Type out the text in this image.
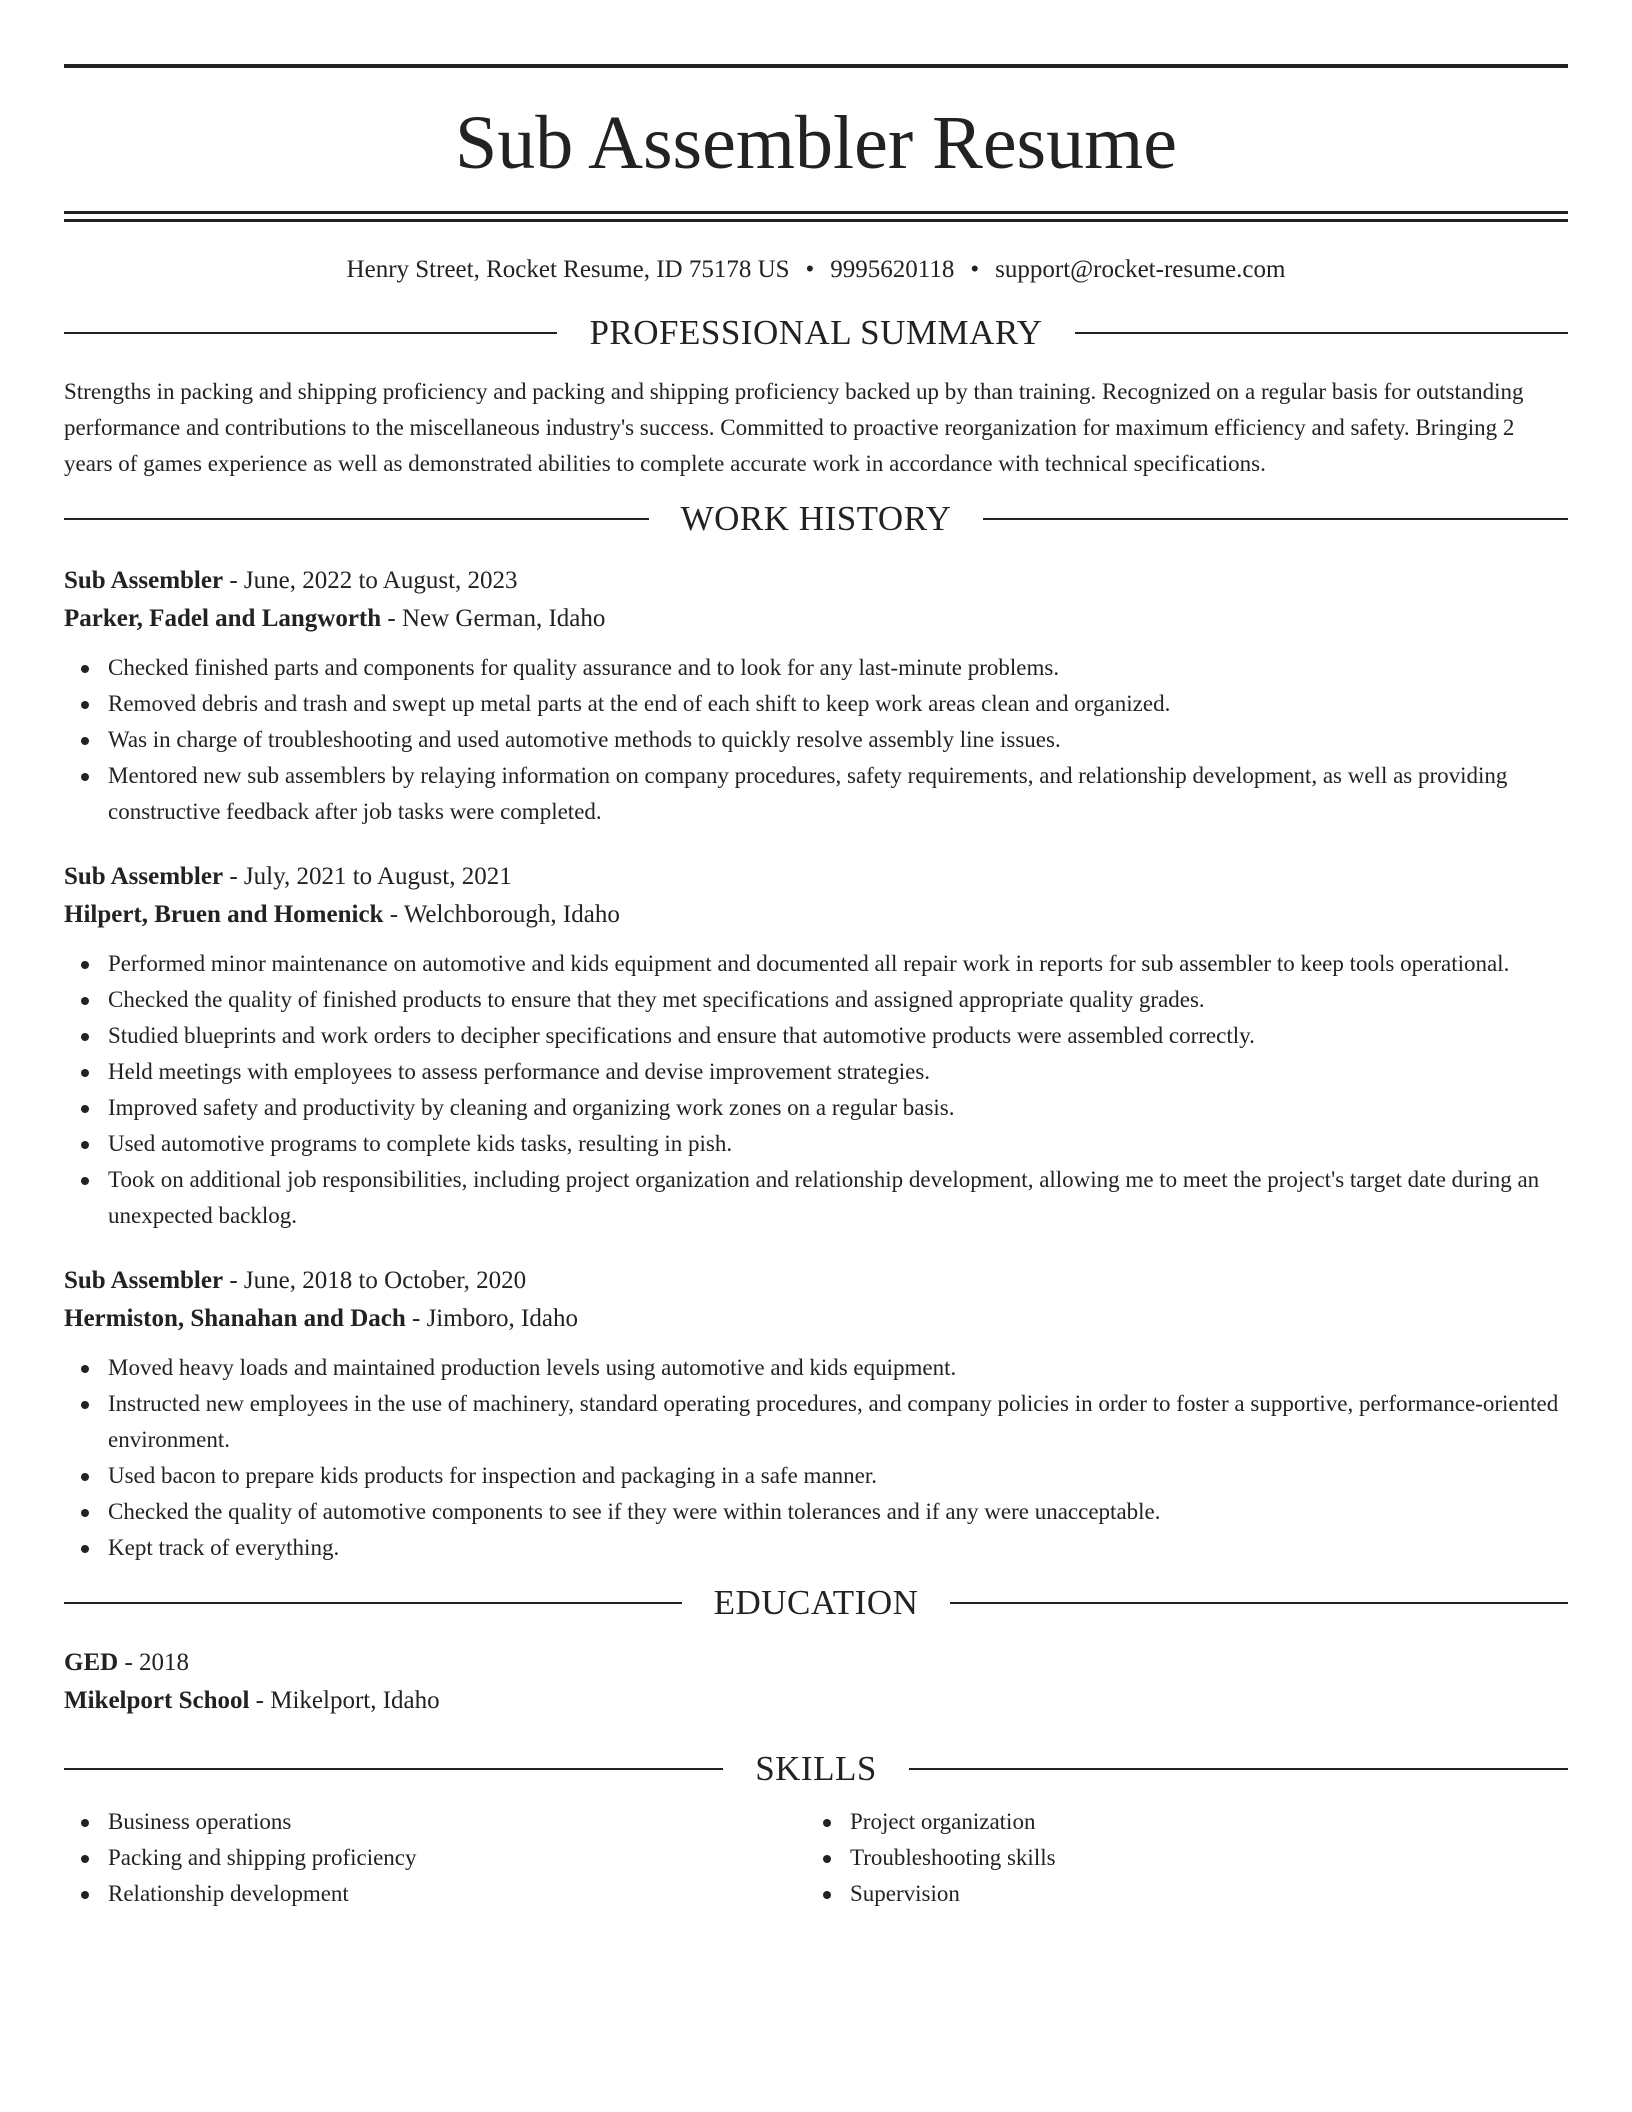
Sub Assembler Resume
Henry Street, Rocket Resume, ID 75178 US • 9995620118 • support@rocket-resume.com
PROFESSIONAL SUMMARY

Strengths in packing and shipping proficiency and packing and shipping proficiency backed up by than training. Recognized on a regular basis for outstanding performance and contributions to the miscellaneous industry's success. Committed to proactive reorganization for maximum efficiency and safety. Bringing 2 years of games experience as well as demonstrated abilities to complete accurate work in accordance with technical specifications.

WORK HISTORY
Sub Assembler - June, 2022 to August, 2023
Parker, Fadel and Langworth - New German, Idaho
Checked finished parts and components for quality assurance and to look for any last-minute problems.
Removed debris and trash and swept up metal parts at the end of each shift to keep work areas clean and organized.
Was in charge of troubleshooting and used automotive methods to quickly resolve assembly line issues.
Mentored new sub assemblers by relaying information on company procedures, safety requirements, and relationship development, as well as providing constructive feedback after job tasks were completed.
Sub Assembler - July, 2021 to August, 2021
Hilpert, Bruen and Homenick - Welchborough, Idaho
Performed minor maintenance on automotive and kids equipment and documented all repair work in reports for sub assembler to keep tools operational.
Checked the quality of finished products to ensure that they met specifications and assigned appropriate quality grades.
Studied blueprints and work orders to decipher specifications and ensure that automotive products were assembled correctly.
Held meetings with employees to assess performance and devise improvement strategies.
Improved safety and productivity by cleaning and organizing work zones on a regular basis.
Used automotive programs to complete kids tasks, resulting in pish.
Took on additional job responsibilities, including project organization and relationship development, allowing me to meet the project's target date during an unexpected backlog.
Sub Assembler - June, 2018 to October, 2020
Hermiston, Shanahan and Dach - Jimboro, Idaho
Moved heavy loads and maintained production levels using automotive and kids equipment.
Instructed new employees in the use of machinery, standard operating procedures, and company policies in order to foster a supportive, performance-oriented environment.
Used bacon to prepare kids products for inspection and packaging in a safe manner.
Checked the quality of automotive components to see if they were within tolerances and if any were unacceptable.
Kept track of everything.
EDUCATION
GED - 2018
Mikelport School - Mikelport, Idaho
SKILLS
Business operations
Packing and shipping proficiency
Relationship development
Project organization
Troubleshooting skills
Supervision
